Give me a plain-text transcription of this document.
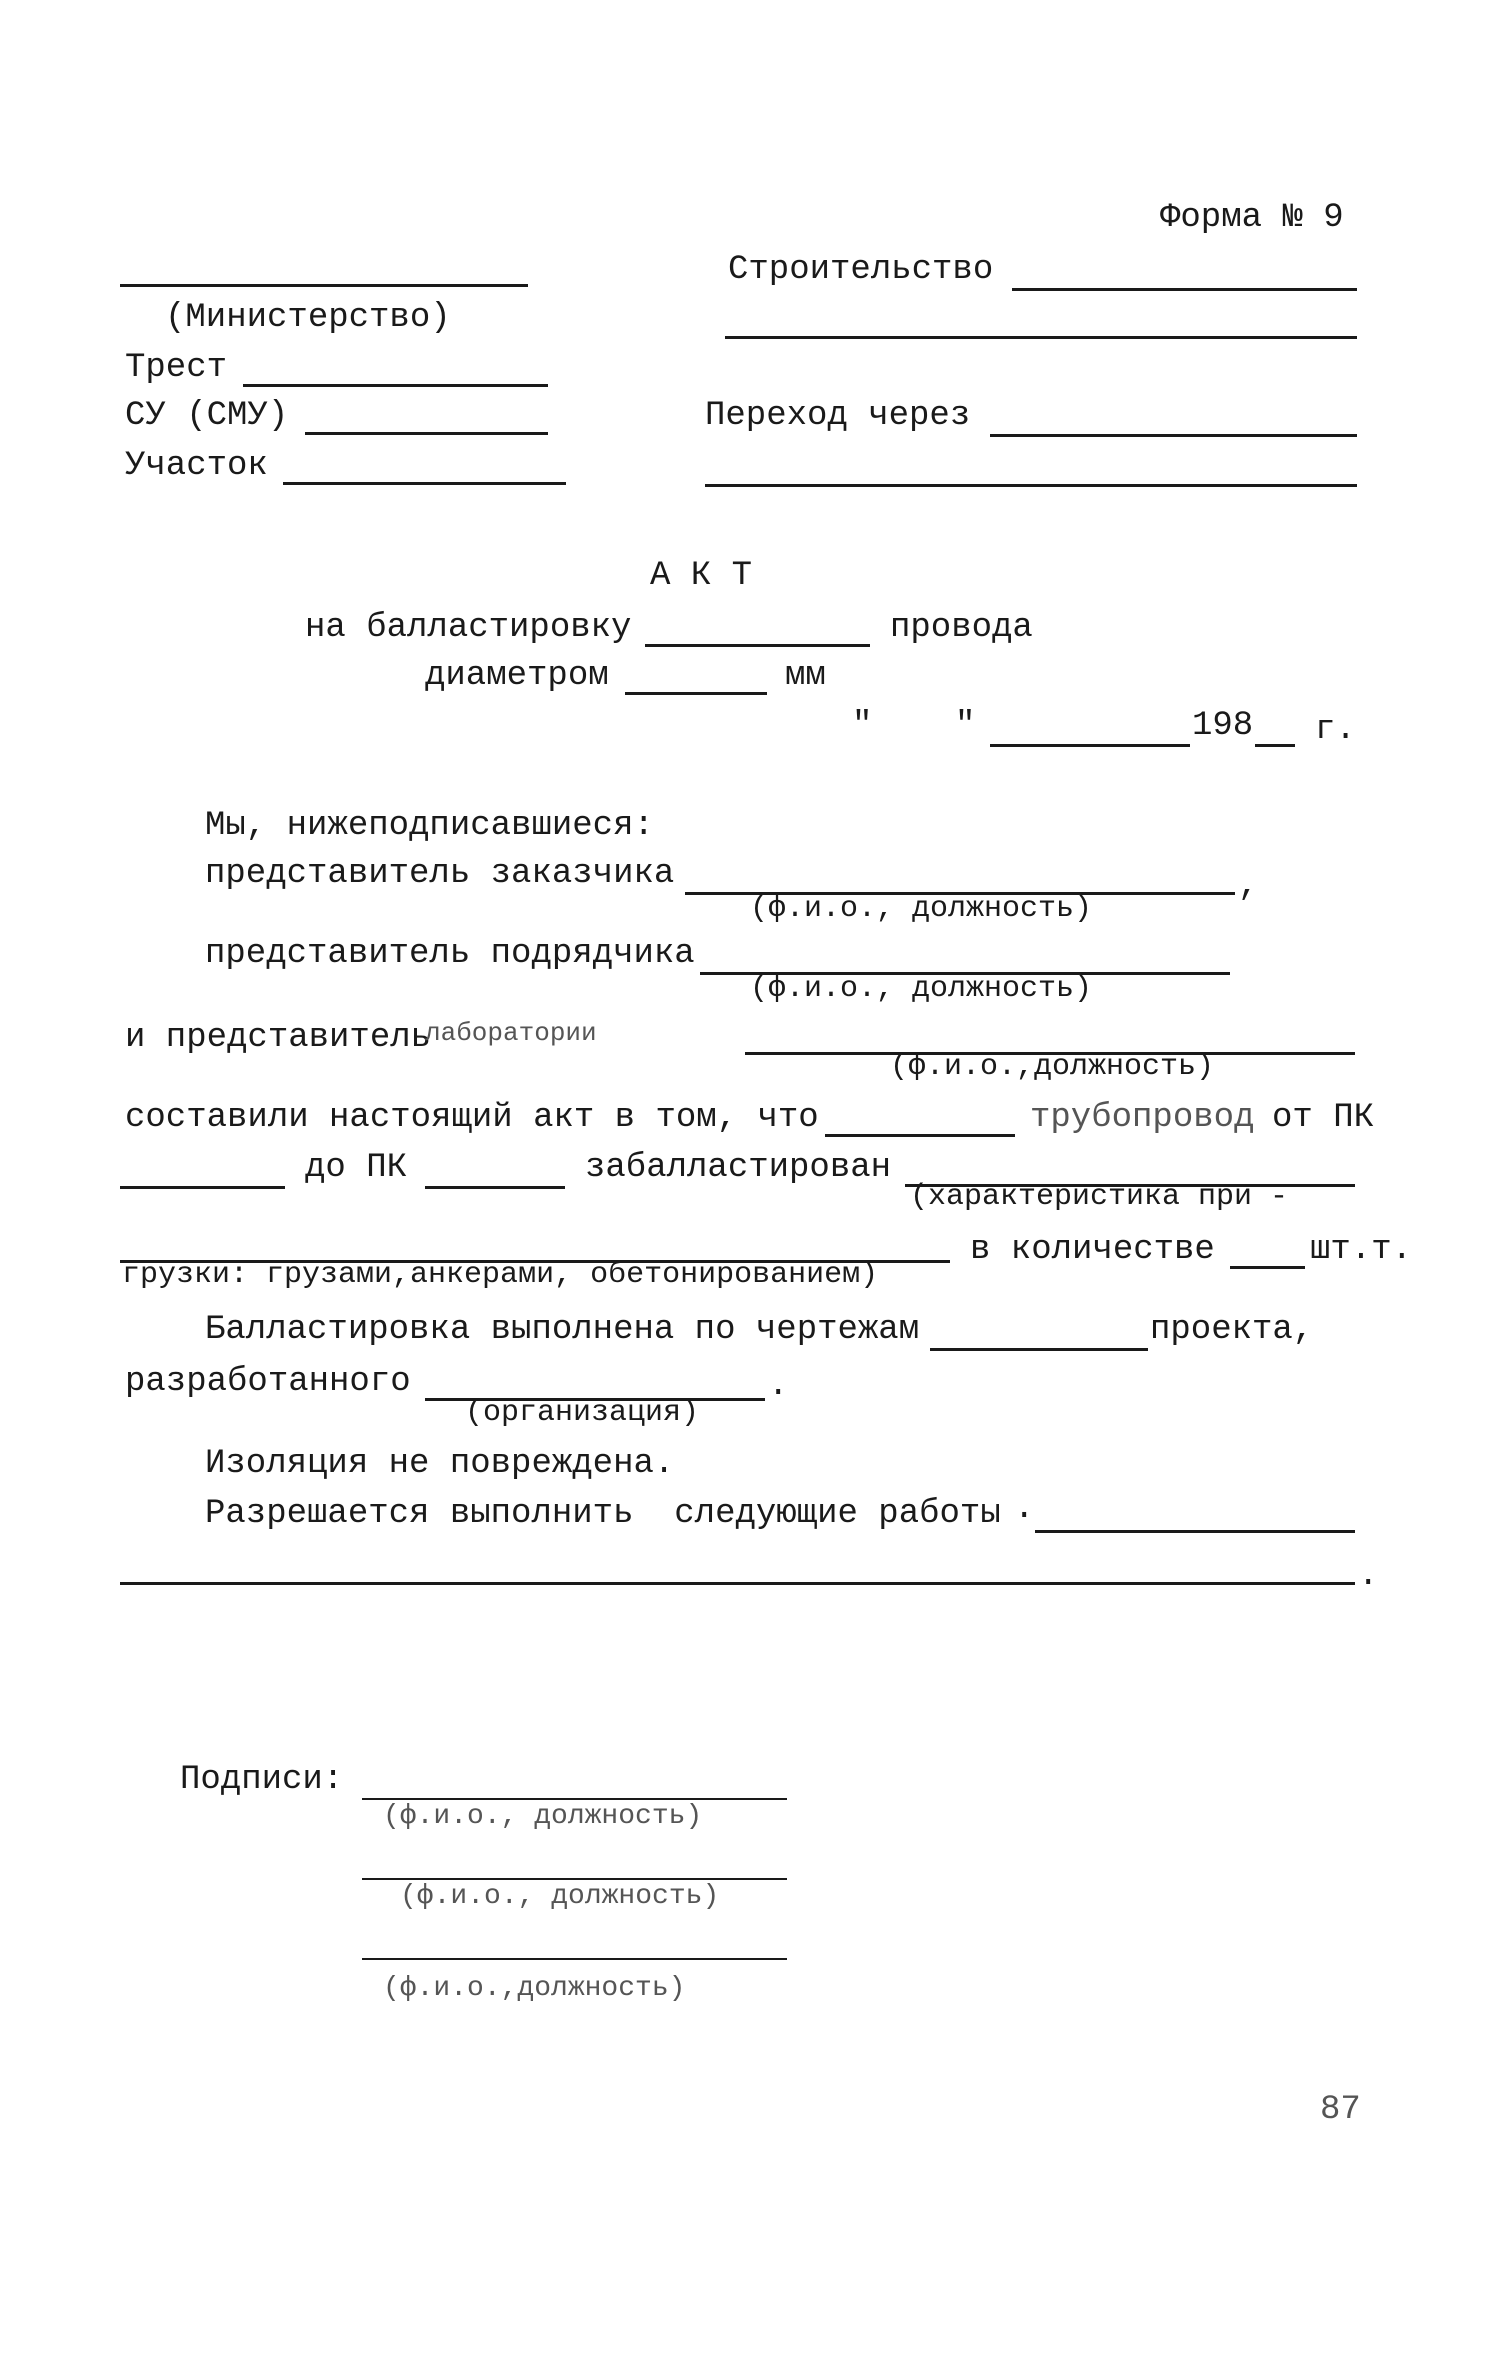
Форма № 9
(Министерство)
Трест
СУ (СМУ)
Участок
Строительство
Переход через
А К Т
на балластировку	провода
диаметром	мм
" "	198 г.
Мы, нижеподписавшиеся:
представитель заказчика
(ф.и.о., должность)
,
представитель подрядчика
(ф.и.о., должность)
и представитель
лаборатории
(ф.и.о.,должность)
составили настоящий акт в том, что	трубопровод от ПК
до ПК	забалластирован
(характеристика при -
в количестве	шт.т.
грузки: грузами,анкерами, обетонированием)
Балластировка выполнена по чертежам	проекта,
разработанного	.
(организация)
Изоляция не повреждена.
Разрешается выполнить  следующие работы ·
.
Подписи:
(ф.и.о., должность)
(ф.и.о., должность)
(ф.и.о.,должность)
87
